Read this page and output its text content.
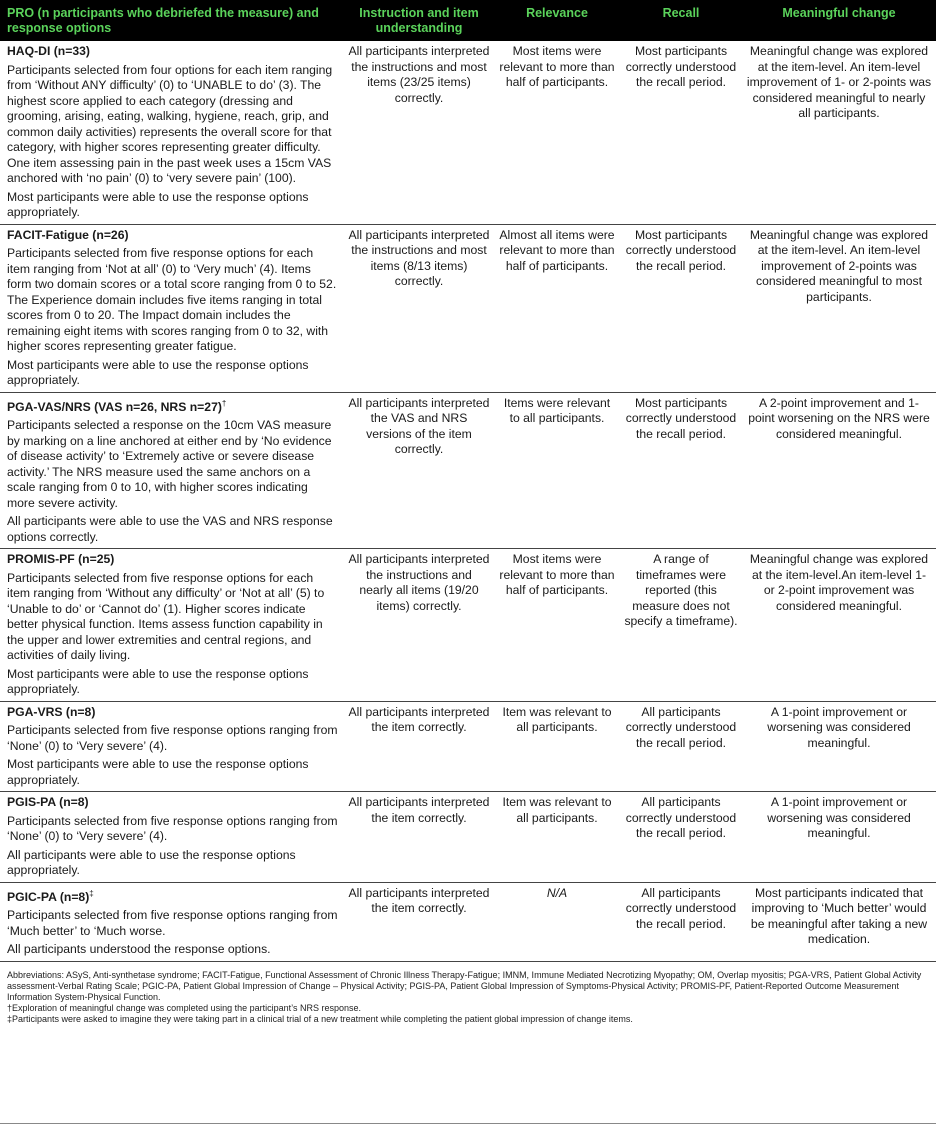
PRO (n participants who debriefed the measure) and response options	Instruction and item understanding	Relevance	Recall	Meaningful change

HAQ-DI (n=33)
Participants selected from four options for each item ranging from ‘Without ANY difficulty’ (0) to ‘UNABLE to do’ (3). The highest score applied to each category (dressing and grooming, arising, eating, walking, hygiene, reach, grip, and common daily activities) represents the overall score for that category, with higher scores representing greater difficulty. One item assessing pain in the past week uses a 15cm VAS anchored with ‘no pain’ (0) to ‘very severe pain’ (100).
Most participants were able to use the response options appropriately.	All participants interpreted the instructions and most items (23/25 items) correctly.	Most items were relevant to more than half of participants.	Most participants correctly understood the recall period.	Meaningful change was explored at the item-level. An item-level improvement of 1- or 2-points was considered meaningful to nearly all participants.

FACIT-Fatigue (n=26)
Participants selected from five response options for each item ranging from ‘Not at all’ (0) to ‘Very much’ (4). Items form two domain scores or a total score ranging from 0 to 52. The Experience domain includes five items ranging in total scores from 0 to 20. The Impact domain includes the remaining eight items with scores ranging from 0 to 32, with higher scores representing greater fatigue.
Most participants were able to use the response options appropriately.	All participants interpreted the instructions and most items (8/13 items) correctly.	Almost all items were relevant to more than half of participants.	Most participants correctly understood the recall period.	Meaningful change was explored at the item-level. An item-level improvement of 2-points was considered meaningful to most participants.

PGA-VAS/NRS (VAS n=26, NRS n=27)†
Participants selected a response on the 10cm VAS measure by marking on a line anchored at either end by ‘No evidence of disease activity’ to ‘Extremely active or severe disease activity.’ The NRS measure used the same anchors on a scale ranging from 0 to 10, with higher scores indicating more severe activity.
All participants were able to use the VAS and NRS response options correctly.	All participants interpreted the VAS and NRS versions of the item correctly.	Items were relevant to all participants.	Most participants correctly understood the recall period.	A 2-point improvement and 1-point worsening on the NRS were considered meaningful.

PROMIS-PF (n=25)
Participants selected from five response options for each item ranging from ‘Without any difficulty’ or ‘Not at all’ (5) to ‘Unable to do’ or ‘Cannot do’ (1). Higher scores indicate better physical function. Items assess function capability in the upper and lower extremities and central regions, and activities of daily living.
Most participants were able to use the response options appropriately.	All participants interpreted the instructions and nearly all items (19/20 items) correctly.	Most items were relevant to more than half of participants.	A range of timeframes were reported (this measure does not specify a timeframe).	Meaningful change was explored at the item-level.An item-level 1- or 2-point improvement was considered meaningful.

PGA-VRS (n=8)
Participants selected from five response options ranging from ‘None’ (0) to ‘Very severe’ (4).
Most participants were able to use the response options appropriately.	All participants interpreted the item correctly.	Item was relevant to all participants.	All participants correctly understood the recall period.	A 1-point improvement or worsening was considered meaningful.

PGIS-PA (n=8)
Participants selected from five response options ranging from ‘None’ (0) to ‘Very severe’ (4).
All participants were able to use the response options appropriately.	All participants interpreted the item correctly.	Item was relevant to all participants.	All participants correctly understood the recall period.	A 1-point improvement or worsening was considered meaningful.

PGIC-PA (n=8)‡
Participants selected from five response options ranging from ‘Much better’ to ‘Much worse.
All participants understood the response options.	All participants interpreted the item correctly.	N/A	All participants correctly understood the recall period.	Most participants indicated that improving to ‘Much better’ would be meaningful after taking a new medication.
Abbreviations: ASyS, Anti-synthetase syndrome; FACIT-Fatigue, Functional Assessment of Chronic Illness Therapy-Fatigue; IMNM, Immune Mediated Necrotizing Myopathy; OM, Overlap myositis; PGA-VRS, Patient Global Activity assessment-Verbal Rating Scale; PGIC-PA, Patient Global Impression of Change – Physical Activity; PGIS-PA, Patient Global Impression of Symptoms-Physical Activity; PROMIS-PF, Patient-Reported Outcome Measurement Information System-Physical Function.
†Exploration of meaningful change was completed using the participant’s NRS response.
‡Participants were asked to imagine they were taking part in a clinical trial of a new treatment while completing the patient global impression of change items.
